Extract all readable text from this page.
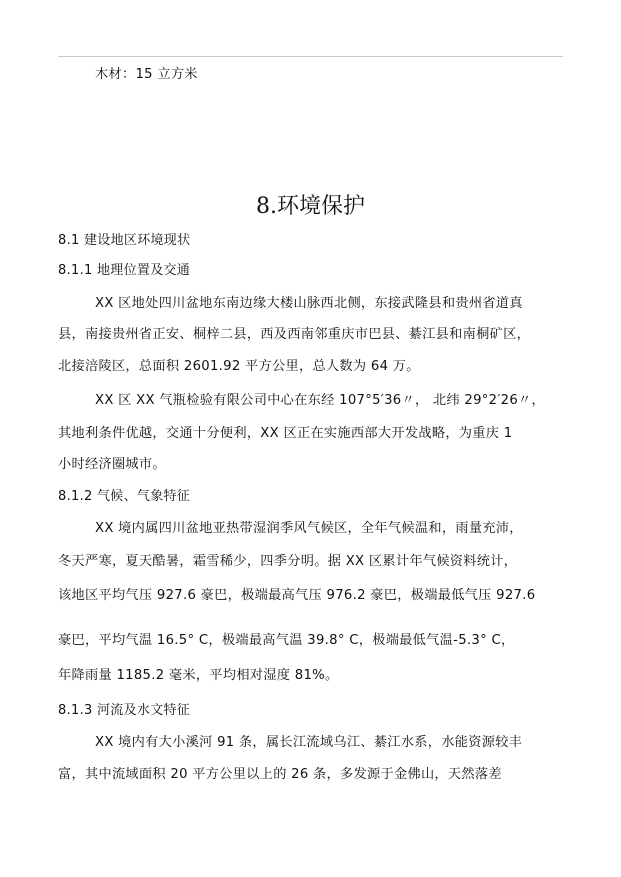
木材：15 立方米
8.环境保护
8.1 建设地区环境现状
8.1.1 地理位置及交通
XX 区地处四川盆地东南边缘大楼山脉西北侧，东接武隆县和贵州省道真
县，南接贵州省正安、桐梓二县，西及西南邻重庆市巴县、綦江县和南桐矿区，
北接涪陵区，总面积 2601.92 平方公里，总人数为 64 万。
XX 区 XX 气瓶检验有限公司中心在东经 107°5′36〃， 北纬 29°2′26〃，
其地利条件优越，交通十分便利，XX 区正在实施西部大开发战略，为重庆 1
小时经济圈城市。
8.1.2 气候、气象特征
XX 境内属四川盆地亚热带湿润季风气候区，全年气候温和，雨量充沛，
冬天严寒，夏天酷暑，霜雪稀少，四季分明。据 XX 区累计年气候资料统计，
该地区平均气压 927.6 豪巴，极端最高气压 976.2 豪巴，极端最低气压 927.6
豪巴，平均气温 16.5° C，极端最高气温 39.8° C，极端最低气温-5.3° C，
年降雨量 1185.2 毫米，平均相对湿度 81%。
8.1.3 河流及水文特征
XX 境内有大小溪河 91 条，属长江流域乌江、綦江水系，水能资源较丰
富，其中流域面积 20 平方公里以上的 26 条，多发源于金佛山，天然落差
